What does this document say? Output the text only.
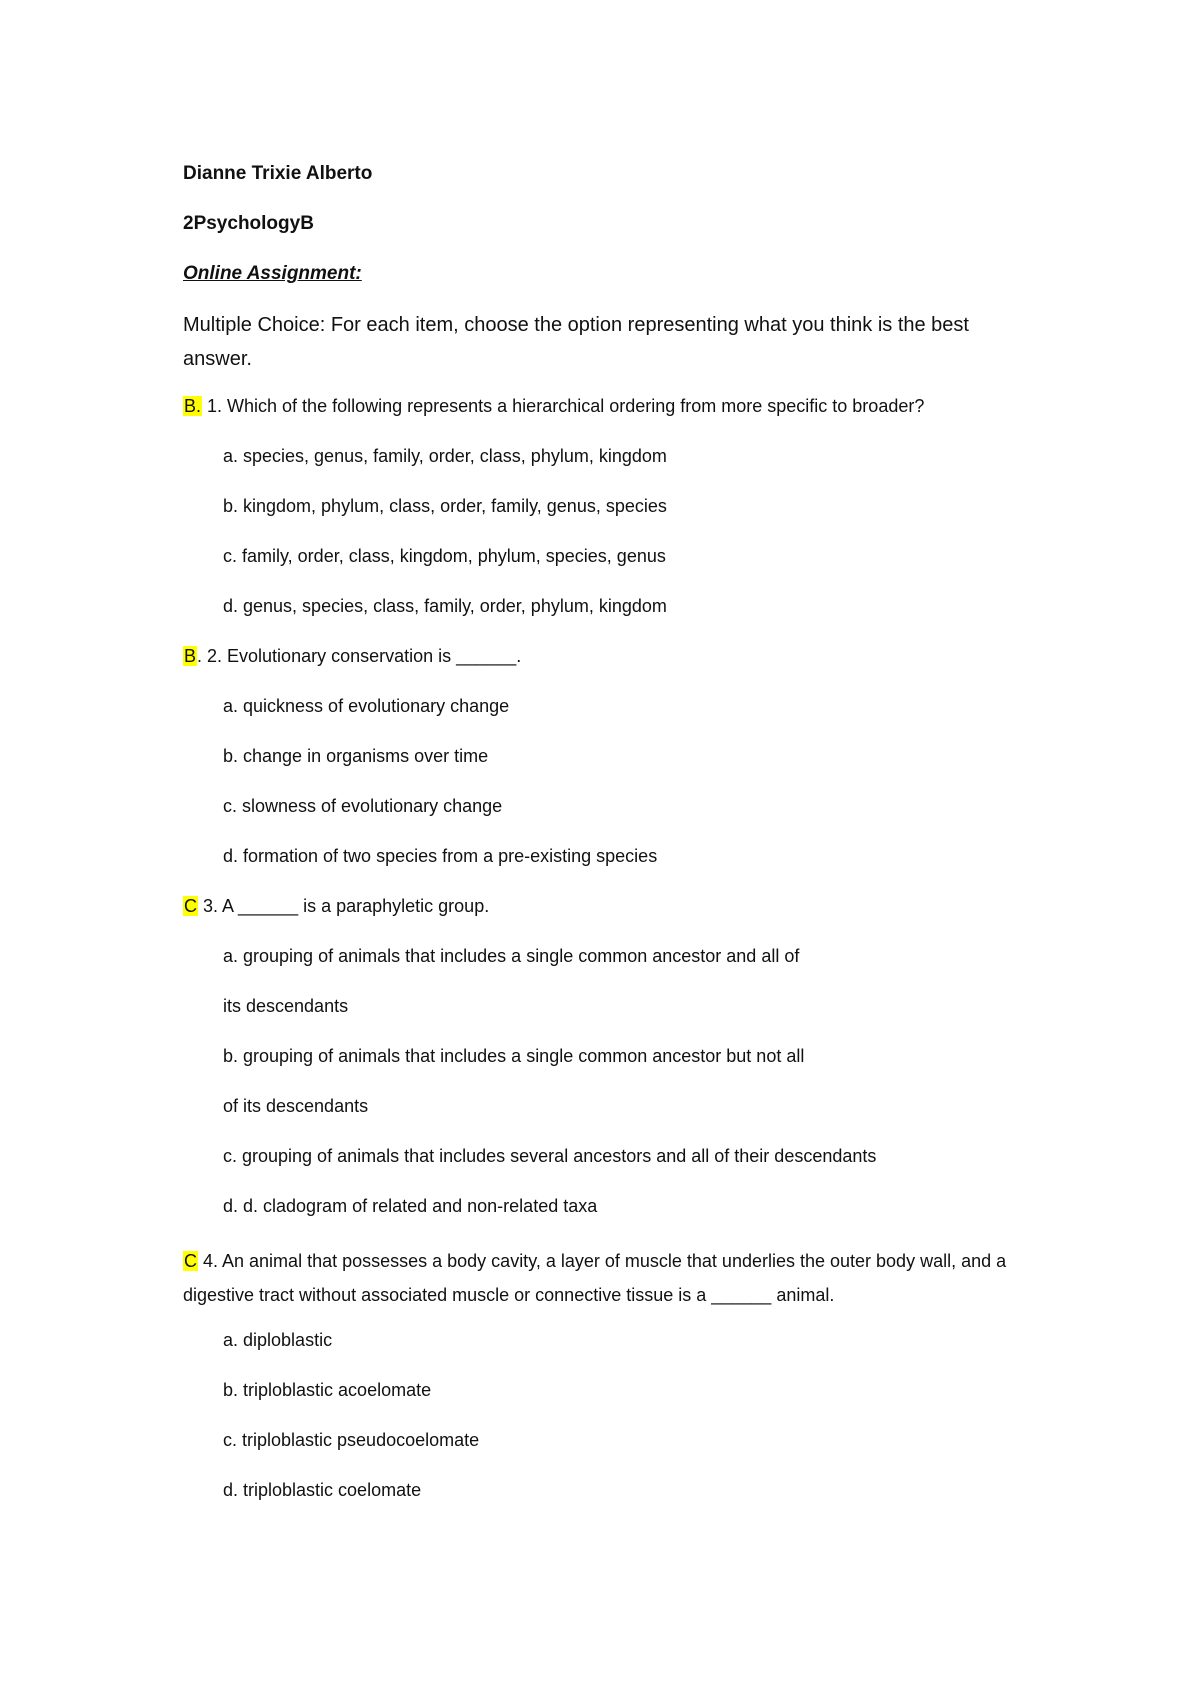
Dianne Trixie Alberto
2PsychologyB
Online Assignment:
Multiple Choice: For each item, choose the option representing what you think is the best answer.
B. 1. Which of the following represents a hierarchical ordering from more specific to broader?
a. species, genus, family, order, class, phylum, kingdom
b. kingdom, phylum, class, order, family, genus, species
c. family, order, class, kingdom, phylum, species, genus
d. genus, species, class, family, order, phylum, kingdom
B. 2. Evolutionary conservation is ______.
a. quickness of evolutionary change
b. change in organisms over time
c. slowness of evolutionary change
d. formation of two species from a pre-existing species
C 3. A ______ is a paraphyletic group.
a. grouping of animals that includes a single common ancestor and all of
its descendants
b. grouping of animals that includes a single common ancestor but not all
of its descendants
c. grouping of animals that includes several ancestors and all of their descendants
d. d. cladogram of related and non-related taxa
C 4. An animal that possesses a body cavity, a layer of muscle that underlies the outer body wall, and a digestive tract without associated muscle or connective tissue is a ______ animal.
a. diploblastic
b. triploblastic acoelomate
c. triploblastic pseudocoelomate
d. triploblastic coelomate
